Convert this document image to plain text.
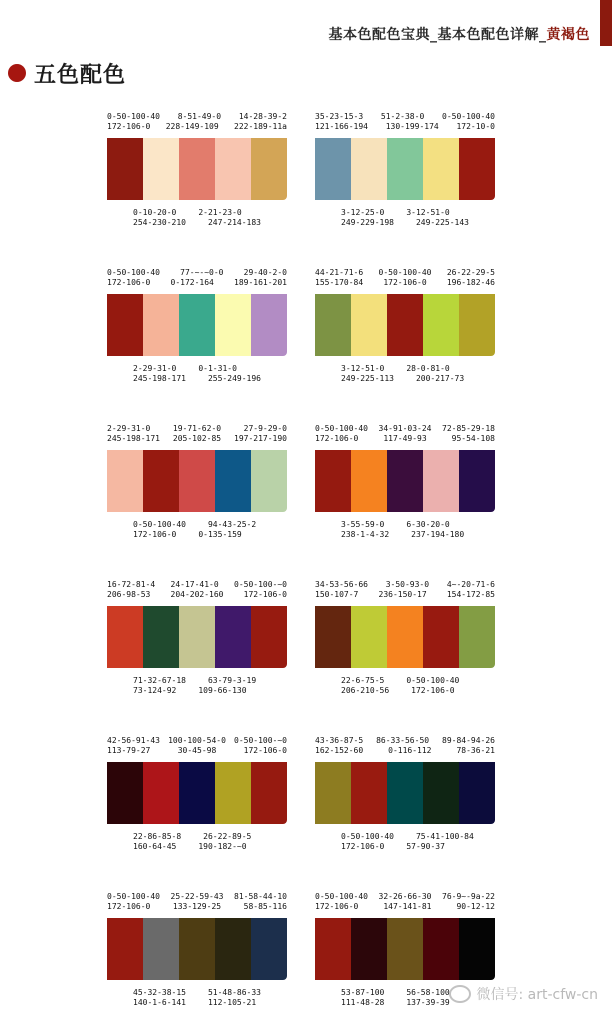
基本色配色宝典_基本色配色详解_黄褐色
五色配色
0-50-100-40 8-51-49-0 14-28-39-2
172-106-0 228-149-109 222-189-11a
0-10-20-0	2-21-23-0
254-230-210	247-214-183
35-23-15-3 51-2-38-0 0-50-100-40
121-166-194 130-199-174 172-10-0
3-12-25-0	3-12-51-0
249-229-198	249-225-143
0-50-100-40	77-~-~0-0	29-40-2-0
172-106-0	0-172-164	189-161-201
2-29-31-0	0-1-31-0
245-198-171	255-249-196
44-21-71-6 0-50-100-40 26-22-29-5
155-170-84	172-106-0	196-182-46
3-12-51-0	28-0-81-0
249-225-113	200-217-73
2-29-31-0	19-71-62-0	27-9-29-0
245-198-171 205-102-85 197-217-190
0-50-100-40	94-43-25-2
172-106-0	0-135-159
0-50-100-40 34-91-03-24 72-85-29-18
172-106-0	117-49-93	95-54-108
3-55-59-0	6-30-20-0
238-1-4-32	237-194-180
16-72-81-4 24-17-41-0 0-50-100-~0
206-98-53	204-202-160	172-106-0
71-32-67-18	63-79-3-19
73-124-92	109-66-130
34-53-56-66 3-50-93-0 4~-20-71-6
150-107-7	236-150-17	154-172-85
22-6-75-5	0-50-100-40
206-210-56	172-106-0
42-56-91-43 100-100-54-0 0-50-100-~0
113-79-27	30-45-98	172-106-0
22-86-85-8	26-22-89-5
160-64-45	190-182-~0
43-36-87-5 86-33-56-50 89-84-94-26
162-152-60	0-116-112	78-36-21
0-50-100-40	75-41-100-84
172-106-0	57-90-37
0-50-100-40 25-22-59-43 81-58-44-10
172-106-0	133-129-25	58-85-116
45-32-38-15	51-48-86-33
140-1-6-141	112-105-21
0-50-100-40 32-26-66-30 76-9~-9a-22
172-106-0	147-141-81	90-12-12
53-87-100	56-58-100
111-48-28	137-39-39 微信号: art-cfw-cn
